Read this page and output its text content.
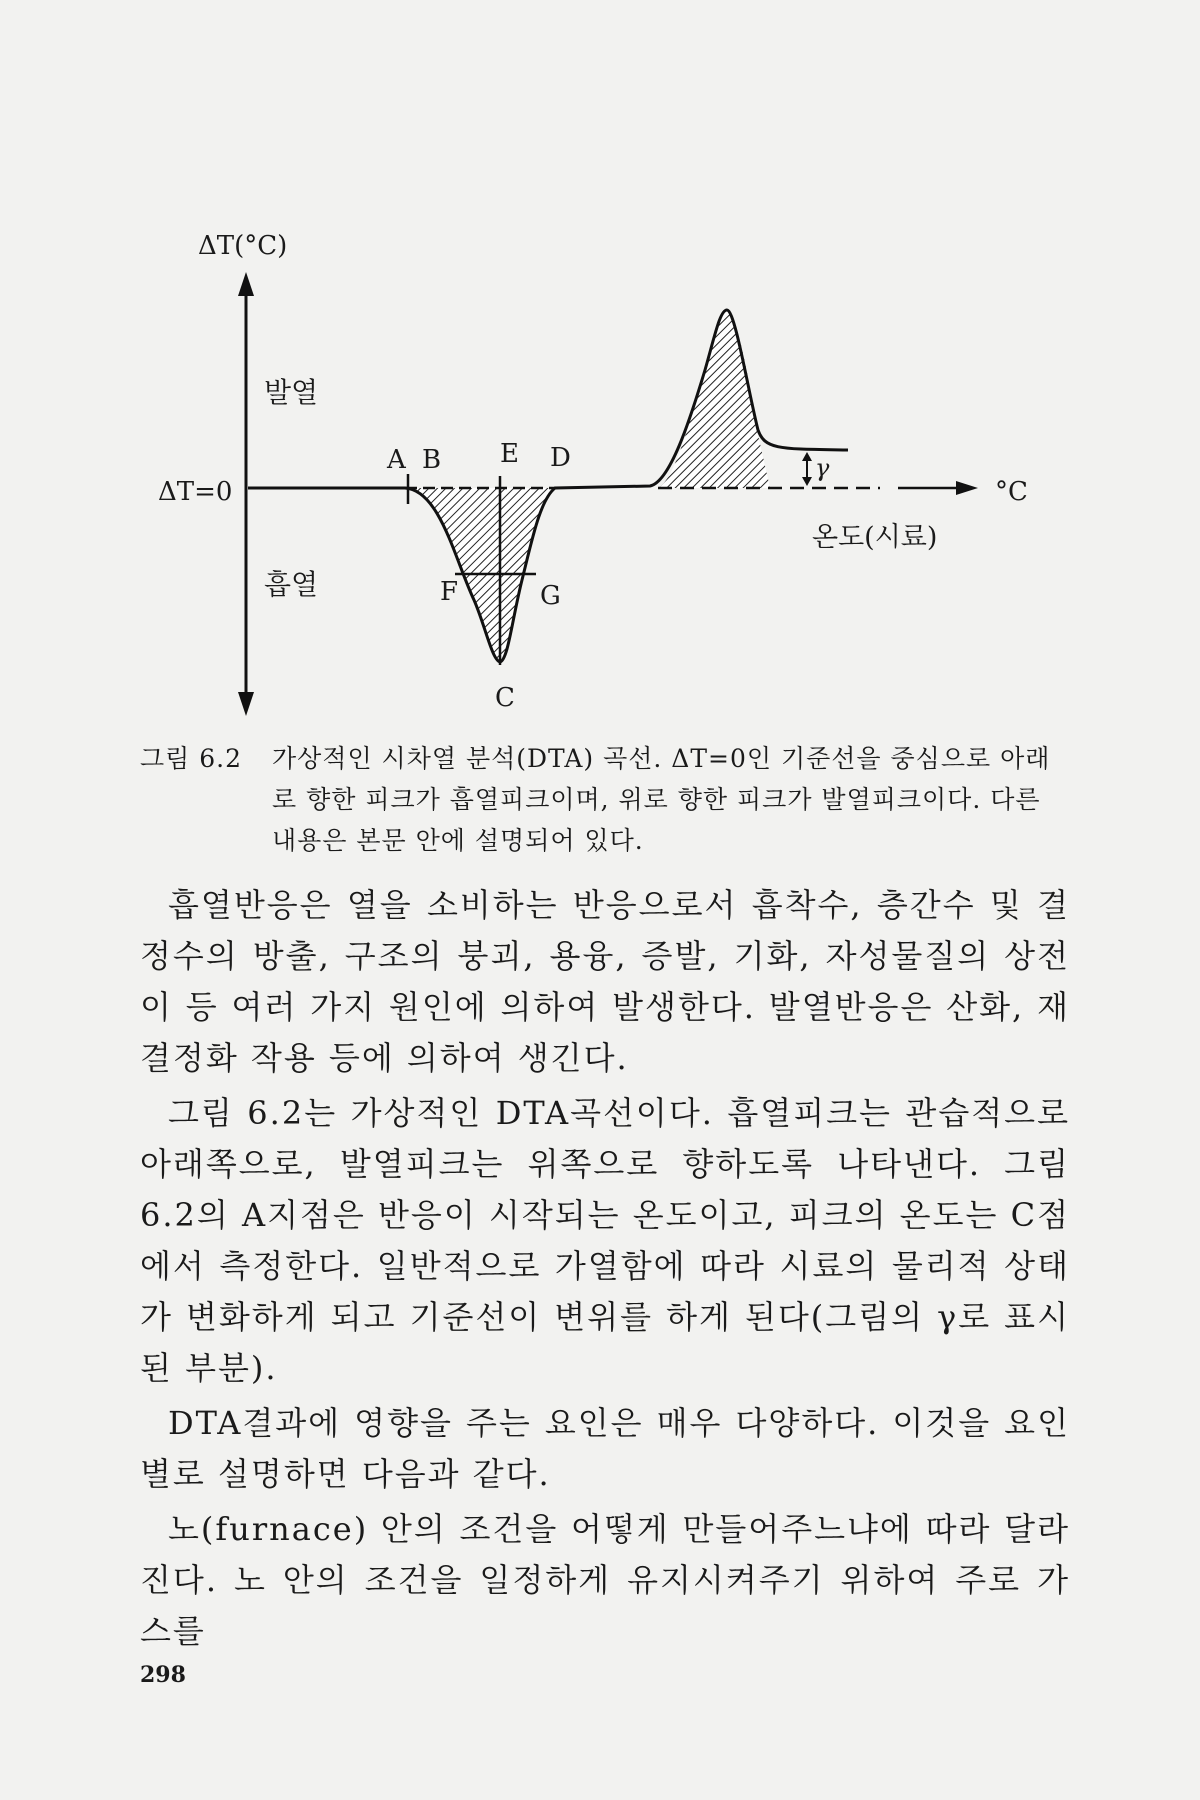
ΔT(°C)
발열
흡열
ΔT=0
A B E D
F	G
C
γ
°C
온도(시료)
그림 6.2 가상적인 시차열 분석(DTA) 곡선. ΔT=0인 기준선을 중심으로 아래로 향한 피크가 흡열피크이며, 위로 향한 피크가 발열피크이다. 다른 내용은 본문 안에 설명되어 있다.

흡열반응은 열을 소비하는 반응으로서 흡착수, 층간수 및 결정수의 방출, 구조의 붕괴, 용융, 증발, 기화, 자성물질의 상전이 등 여러 가지 원인에 의하여 발생한다. 발열반응은 산화, 재결정화 작용 등에 의하여 생긴다.

그림 6.2는 가상적인 DTA곡선이다. 흡열피크는 관습적으로 아래쪽으로, 발열피크는 위쪽으로 향하도록 나타낸다. 그림 6.2의 A지점은 반응이 시작되는 온도이고, 피크의 온도는 C점에서 측정한다. 일반적으로 가열함에 따라 시료의 물리적 상태가 변화하게 되고 기준선이 변위를 하게 된다(그림의 γ로 표시된 부분).

DTA결과에 영향을 주는 요인은 매우 다양하다. 이것을 요인별로 설명하면 다음과 같다.

노(furnace) 안의 조건을 어떻게 만들어주느냐에 따라 달라진다. 노 안의 조건을 일정하게 유지시켜주기 위하여 주로 가스를

298
